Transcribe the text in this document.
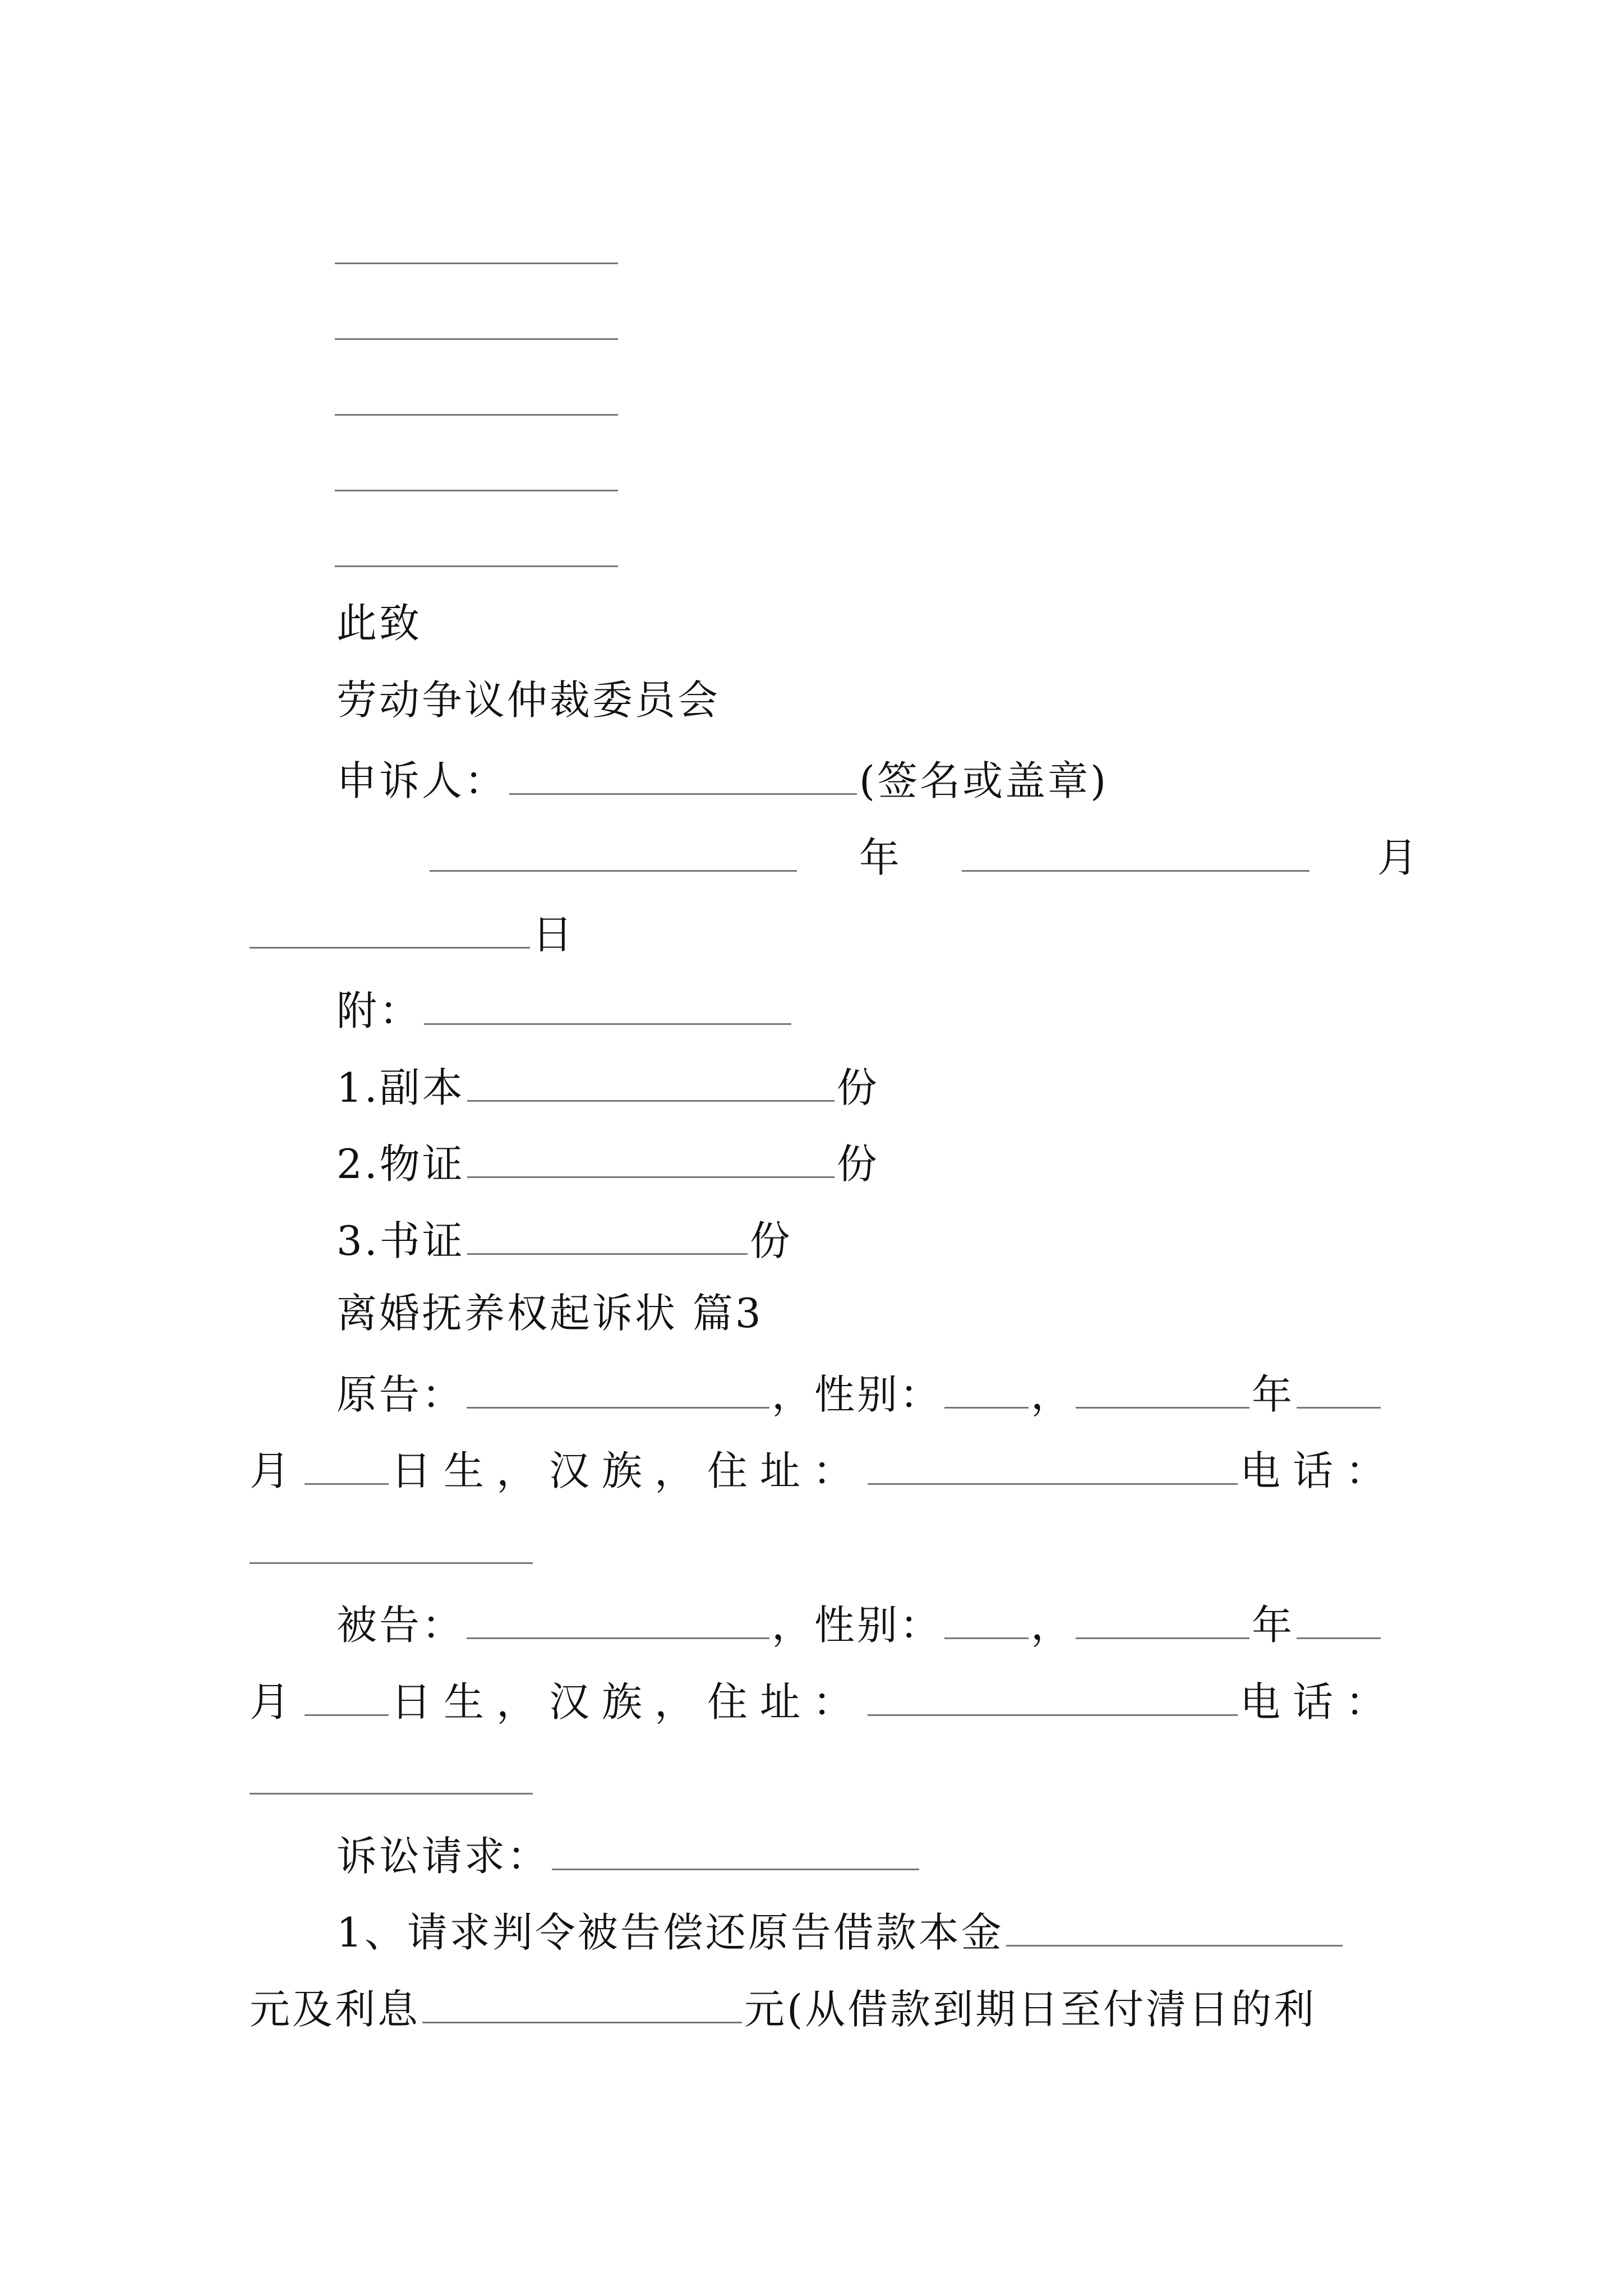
此致
劳动争议仲裁委员会
申诉人：	(签名或盖章)
年	月
日
附：
1.副本	份
2.物证	份
3.书证	份
离婚抚养权起诉状 篇3
原告：	，性别： ，	年
月 日生，汉族，住址：	电话：
被告：	，性别： ，	年
月 日生，汉族，住址：	电话：
诉讼请求：
1、请求判令被告偿还原告借款本金
元及利息	元(从借款到期日至付清日的利
